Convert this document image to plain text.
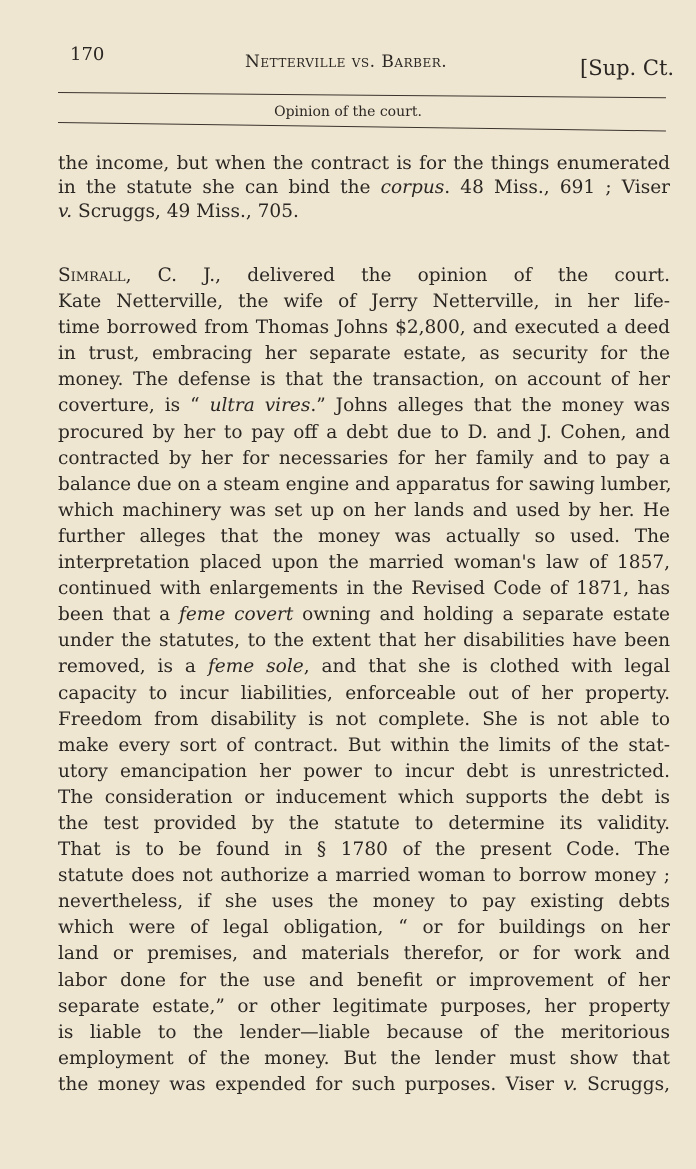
170	Netterville vs. Barber.	[Sup. Ct.
Opinion of the court.
the income, but when the contract is for the things enumerated
in the statute she can bind the corpus. 48 Miss., 691 ; Viser
v. Scruggs, 49 Miss., 705.
Simrall, C. J., delivered the opinion of the court.
Kate Netterville, the wife of Jerry Netterville, in her life-
time borrowed from Thomas Johns $2,800, and executed a deed
in trust, embracing her separate estate, as security for the
money. The defense is that the transaction, on account of her
coverture, is “ ultra vires.” Johns alleges that the money was
procured by her to pay off a debt due to D. and J. Cohen, and
contracted by her for necessaries for her family and to pay a
balance due on a steam engine and apparatus for sawing lumber,
which machinery was set up on her lands and used by her. He
further alleges that the money was actually so used. The
interpretation placed upon the married woman's law of 1857,
continued with enlargements in the Revised Code of 1871, has
been that a feme covert owning and holding a separate estate
under the statutes, to the extent that her disabilities have been
removed, is a feme sole, and that she is clothed with legal
capacity to incur liabilities, enforceable out of her property.
Freedom from disability is not complete. She is not able to
make every sort of contract. But within the limits of the stat-
utory emancipation her power to incur debt is unrestricted.
The consideration or inducement which supports the debt is
the test provided by the statute to determine its validity.
That is to be found in § 1780 of the present Code. The
statute does not authorize a married woman to borrow money ;
nevertheless, if she uses the money to pay existing debts
which were of legal obligation, “ or for buildings on her
land or premises, and materials therefor, or for work and
labor done for the use and benefit or improvement of her
separate estate,” or other legitimate purposes, her property
is liable to the lender—liable because of the meritorious
employment of the money. But the lender must show that
the money was expended for such purposes. Viser v. Scruggs,
